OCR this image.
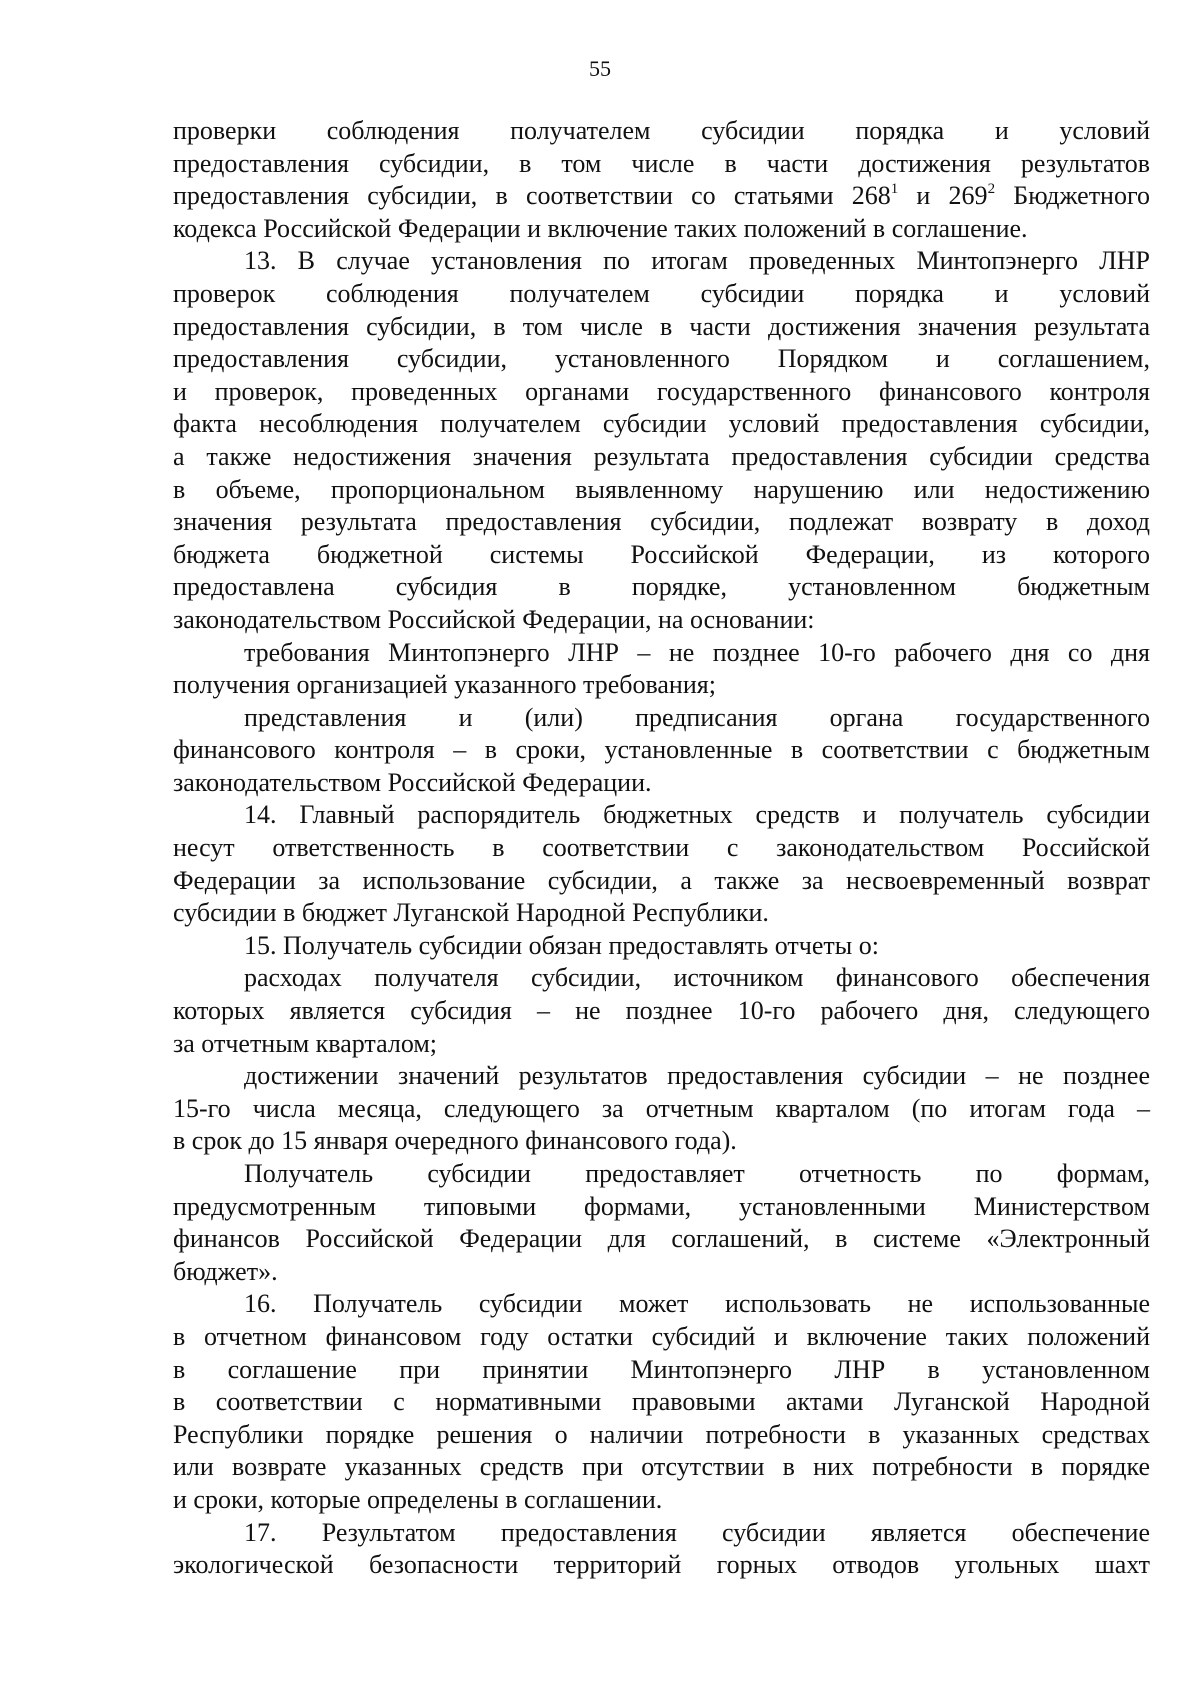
55
проверки соблюдения получателем субсидии порядка и условий
предоставления субсидии, в том числе в части достижения результатов
предоставления субсидии, в соответствии со статьями $268^1$ и $269^2$ Бюджетного
кодекса Российской Федерации и включение таких положений в соглашение.
13. В случае установления по итогам проведенных Минтопэнерго ЛНР
проверок соблюдения получателем субсидии порядка и условий
предоставления субсидии, в том числе в части достижения значения результата
предоставления субсидии, установленного Порядком и соглашением,
и проверок, проведенных органами государственного финансового контроля
факта несоблюдения получателем субсидии условий предоставления субсидии,
а также недостижения значения результата предоставления субсидии средства
в объеме, пропорциональном выявленному нарушению или недостижению
значения результата предоставления субсидии, подлежат возврату в доход
бюджета бюджетной системы Российской Федерации, из которого
предоставлена субсидия в порядке, установленном бюджетным
законодательством Российской Федерации, на основании:
требования Минтопэнерго ЛНР – не позднее 10-го рабочего дня со дня
получения организацией указанного требования;
представления и (или) предписания органа государственного
финансового контроля – в сроки, установленные в соответствии с бюджетным
законодательством Российской Федерации.
14. Главный распорядитель бюджетных средств и получатель субсидии
несут ответственность в соответствии с законодательством Российской
Федерации за использование субсидии, а также за несвоевременный возврат
субсидии в бюджет Луганской Народной Республики.
15. Получатель субсидии обязан предоставлять отчеты о:
расходах получателя субсидии, источником финансового обеспечения
которых является субсидия – не позднее 10-го рабочего дня, следующего
за отчетным кварталом;
достижении значений результатов предоставления субсидии – не позднее
15-го числа месяца, следующего за отчетным кварталом (по итогам года –
в срок до 15 января очередного финансового года).
Получатель субсидии предоставляет отчетность по формам,
предусмотренным типовыми формами, установленными Министерством
финансов Российской Федерации для соглашений, в системе «Электронный
бюджет».
16. Получатель субсидии может использовать не использованные
в отчетном финансовом году остатки субсидий и включение таких положений
в соглашение при принятии Минтопэнерго ЛНР в установленном
в соответствии с нормативными правовыми актами Луганской Народной
Республики порядке решения о наличии потребности в указанных средствах
или возврате указанных средств при отсутствии в них потребности в порядке
и сроки, которые определены в соглашении.
17. Результатом предоставления субсидии является обеспечение
экологической безопасности территорий горных отводов угольных шахт
